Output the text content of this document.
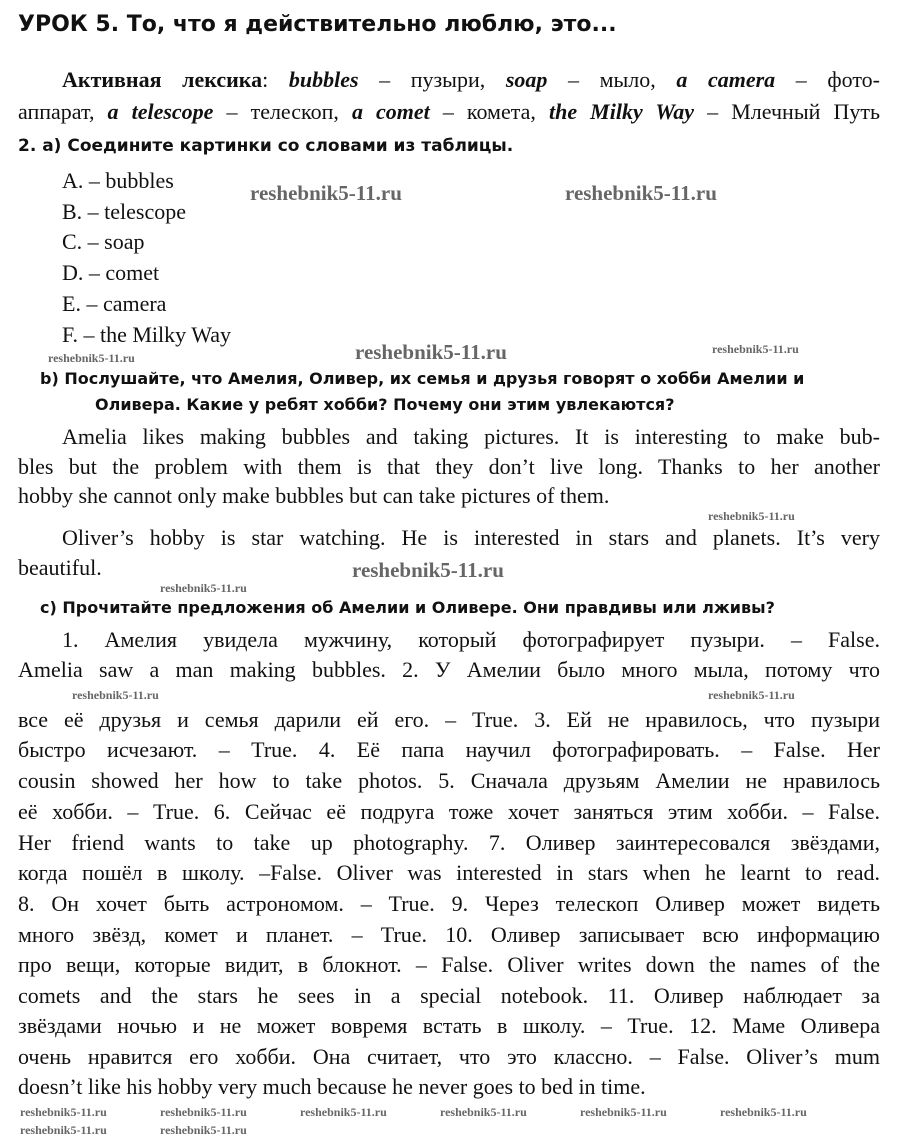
УРОК 5. То, что я действительно люблю, это...
Активная лексика: bubbles – пузыри, soap – мыло, a camera – фото-
аппарат, a telescope – телескоп, a comet – комета, the Milky Way – Млечный Путь
2. а) Соедините картинки со словами из таблицы.
A. – bubbles
B. – telescope
C. – soap
D. – comet
E. – camera
F. – the Milky Way
b) Послушайте, что Амелия, Оливер, их семья и друзья говорят о хобби Амелии и
Оливера. Какие у ребят хобби? Почему они этим увлекаются?
Amelia likes making bubbles and taking pictures. It is interesting to make bub-
bles but the problem with them is that they don’t live long. Thanks to her another
hobby she cannot only make bubbles but can take pictures of them.
Oliver’s hobby is star watching. He is interested in stars and planets. It’s very
beautiful.
c) Прочитайте предложения об Амелии и Оливере. Они правдивы или лживы?
1. Амелия увидела мужчину, который фотографирует пузыри. – False.
Amelia saw a man making bubbles. 2. У Амелии было много мыла, потому что
все её друзья и семья дарили ей его. – True. 3. Ей не нравилось, что пузыри
быстро исчезают. – True. 4. Её папа научил фотографировать. – False. Her
cousin showed her how to take photos. 5. Сначала друзьям Амелии не нравилось
её хобби. – True. 6. Сейчас её подруга тоже хочет заняться этим хобби. – False.
Her friend wants to take up photography. 7. Оливер заинтересовался звёздами,
когда пошёл в школу. –False. Oliver was interested in stars when he learnt to read.
8. Он хочет быть астрономом. – True. 9. Через телескоп Оливер может видеть
много звёзд, комет и планет. – True. 10. Оливер записывает всю информацию
про вещи, которые видит, в блокнот. – False. Oliver writes down the names of the
comets and the stars he sees in a special notebook. 11. Оливер наблюдает за
звёздами ночью и не может вовремя встать в школу. – True. 12. Маме Оливера
очень нравится его хобби. Она считает, что это классно. – False. Oliver’s mum
doesn’t like his hobby very much because he never goes to bed in time.
reshebnik5-11.ru	reshebnik5-11.ru
reshebnik5-11.ru
reshebnik5-11.ru
reshebnik5-11.ru
reshebnik5-11.ru
reshebnik5-11.ru
reshebnik5-11.ru
reshebnik5-11.ru	reshebnik5-11.ru
reshebnik5-11.ru	reshebnik5-11.ru	reshebnik5-11.ru	reshebnik5-11.ru	reshebnik5-11.ru	reshebnik5-11.ru
reshebnik5-11.ru	reshebnik5-11.ru
